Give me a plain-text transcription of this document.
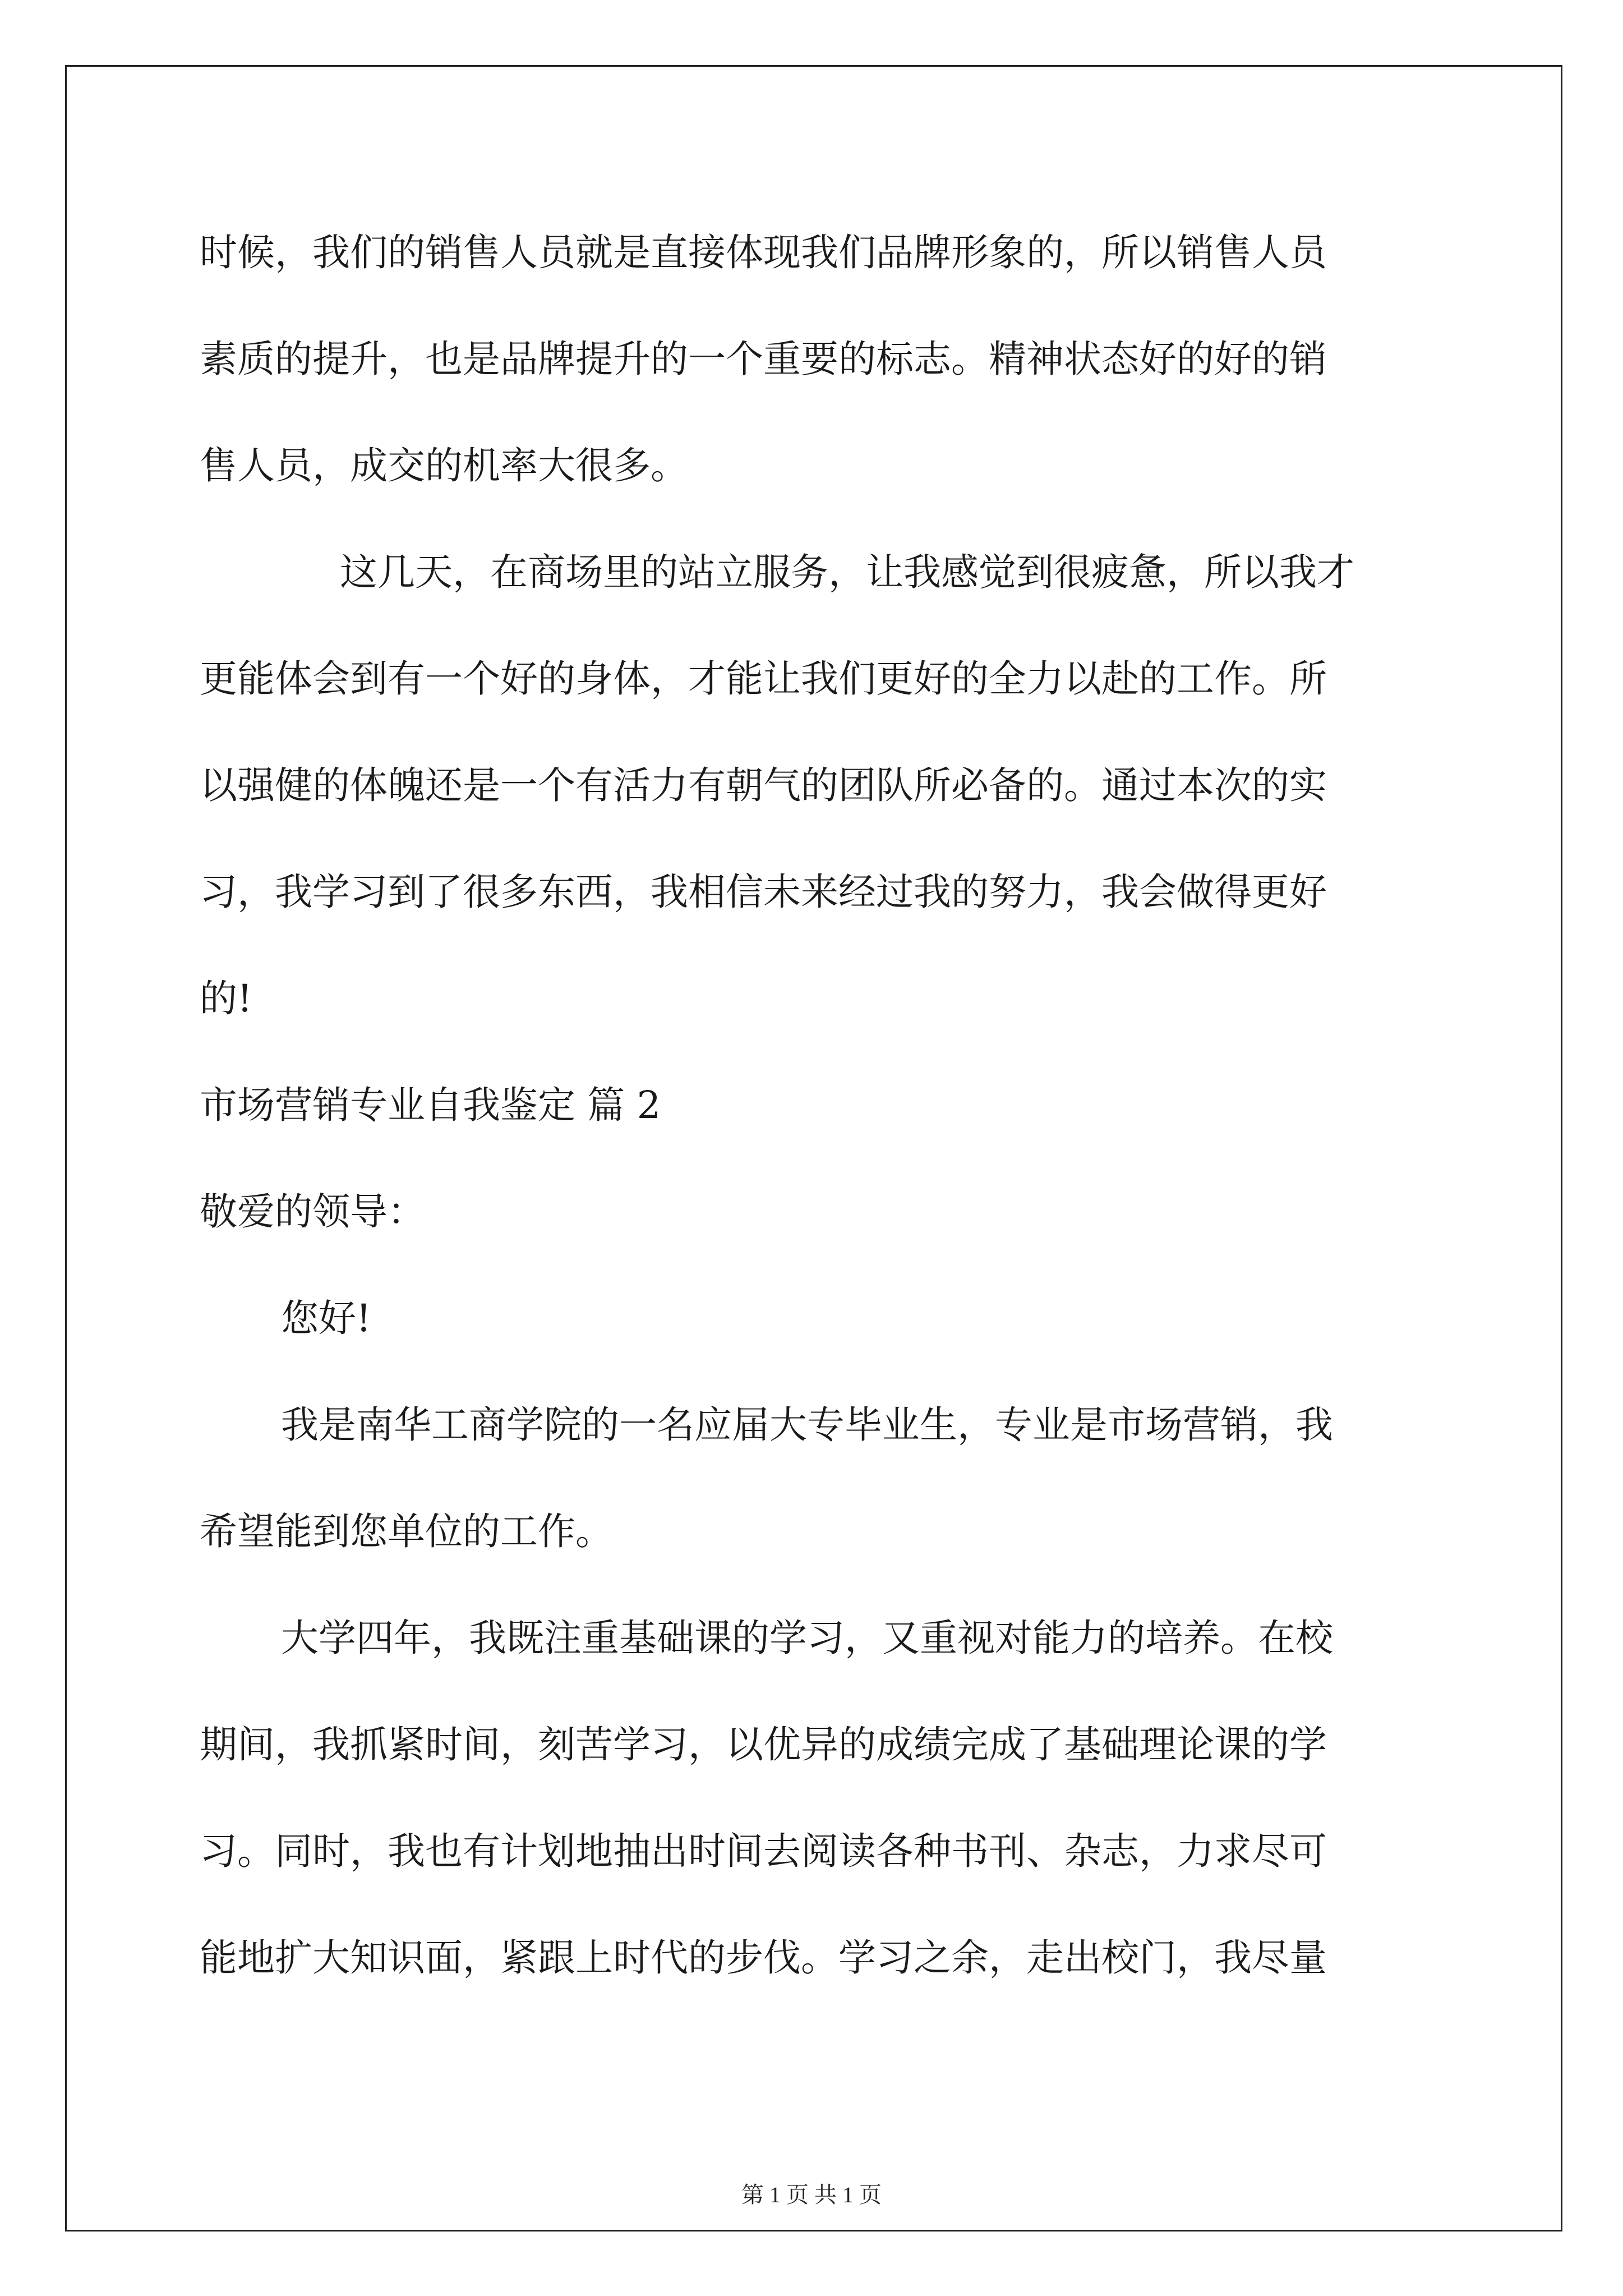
时候，我们的销售人员就是直接体现我们品牌形象的，所以销售人员
素质的提升，也是品牌提升的一个重要的标志。精神状态好的好的销
售人员，成交的机率大很多。
这几天，在商场里的站立服务，让我感觉到很疲惫，所以我才
更能体会到有一个好的身体，才能让我们更好的全力以赴的工作。所
以强健的体魄还是一个有活力有朝气的团队所必备的。通过本次的实
习，我学习到了很多东西，我相信未来经过我的努力，我会做得更好
的!
市场营销专业自我鉴定 篇 2
敬爱的领导：
您好!
我是南华工商学院的一名应届大专毕业生，专业是市场营销，我
希望能到您单位的工作。
大学四年，我既注重基础课的学习，又重视对能力的培养。在校
期间，我抓紧时间，刻苦学习，以优异的成绩完成了基础理论课的学
习。同时，我也有计划地抽出时间去阅读各种书刊、杂志，力求尽可
能地扩大知识面，紧跟上时代的步伐。学习之余，走出校门，我尽量
第 1 页 共 1 页
